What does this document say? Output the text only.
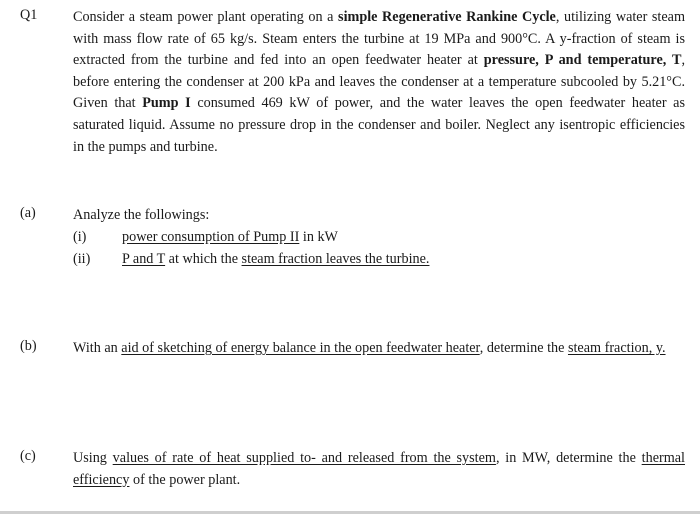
Q1	Consider a steam power plant operating on a simple Regenerative Rankine Cycle, utilizing water steam with mass flow rate of 65 kg/s. Steam enters the turbine at 19 MPa and 900°C. A y-fraction of steam is extracted from the turbine and fed into an open feedwater heater at pressure, P and temperature, T, before entering the condenser at 200 kPa and leaves the condenser at a temperature subcooled by 5.21°C. Given that Pump I consumed 469 kW of power, and the water leaves the open feedwater heater as saturated liquid. Assume no pressure drop in the condenser and boiler. Neglect any isentropic efficiencies in the pumps and turbine.
(a)	Analyze the followings:
(i)	power consumption of Pump II in kW
(ii) P and T at which the steam fraction leaves the turbine.
(b)	With an aid of sketching of energy balance in the open feedwater heater, determine the steam fraction, y.
(c)	Using values of rate of heat supplied to- and released from the system, in MW, determine the thermal efficiency of the power plant.
